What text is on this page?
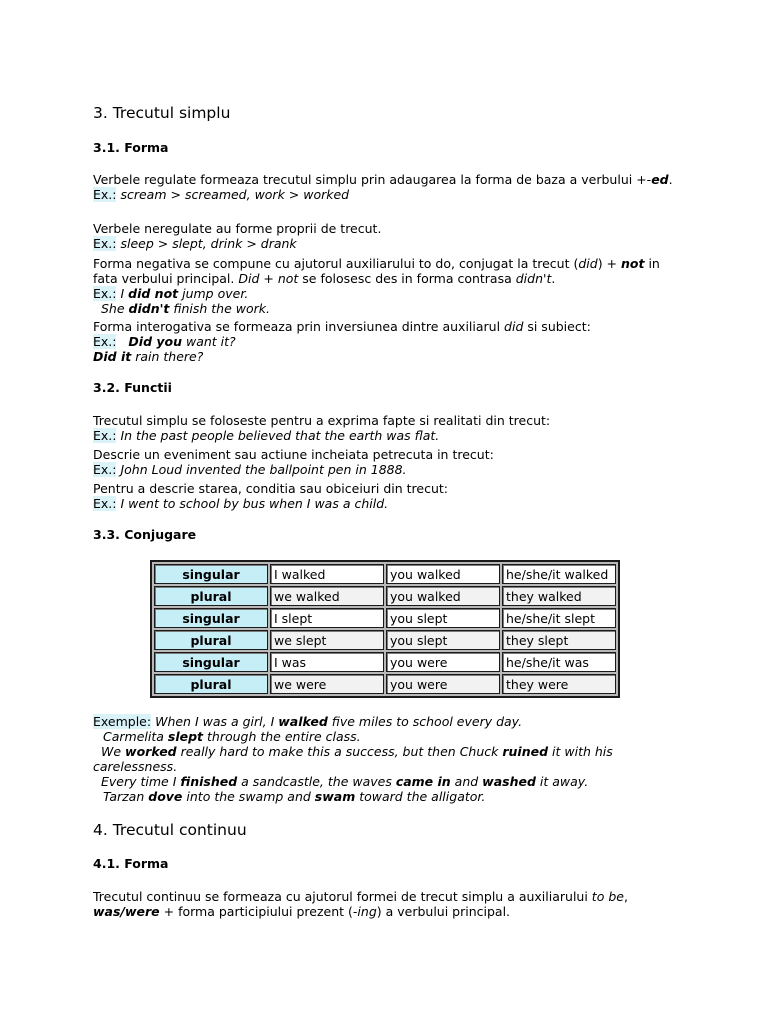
3. Trecutul simplu
3.1. Forma

Verbele regulate formeaza trecutul simplu prin adaugarea la forma de baza a verbului +-ed.
Ex.: scream > screamed, work > worked

Verbele neregulate au forme proprii de trecut.
Ex.: sleep > slept, drink > drank

Forma negativa se compune cu ajutorul auxiliarului to do, conjugat la trecut (did) + not in fata verbului principal. Did + not se folosesc des in forma contrasa didn't.
Ex.: I did not jump over.
She didn't finish the work.

Forma interogativa se formeaza prin inversiunea dintre auxiliarul did si subiect:
Ex.: Did you want it?
Did it rain there?

3.2. Functii

Trecutul simplu se foloseste pentru a exprima fapte si realitati din trecut:
Ex.: In the past people believed that the earth was flat.

Descrie un eveniment sau actiune incheiata petrecuta in trecut:
Ex.: John Loud invented the ballpoint pen in 1888.

Pentru a descrie starea, conditia sau obiceiuri din trecut:
Ex.: I went to school by bus when I was a child.

3.3. Conjugare
singular	I walked	you walked	he/she/it walked
plural	we walked	you walked	they walked
singular	I slept	you slept	he/she/it slept
plural	we slept	you slept	they slept
singular	I was	you were	he/she/it was
plural	we were	you were	they were

Exemple: When I was a girl, I walked five miles to school every day.
Carmelita slept through the entire class.
We worked really hard to make this a success, but then Chuck ruined it with his carelessness.
Every time I finished a sandcastle, the waves came in and washed it away.
Tarzan dove into the swamp and swam toward the alligator.

4. Trecutul continuu
4.1. Forma

Trecutul continuu se formeaza cu ajutorul formei de trecut simplu a auxiliarului to be, was/were + forma participiului prezent (-ing) a verbului principal.
